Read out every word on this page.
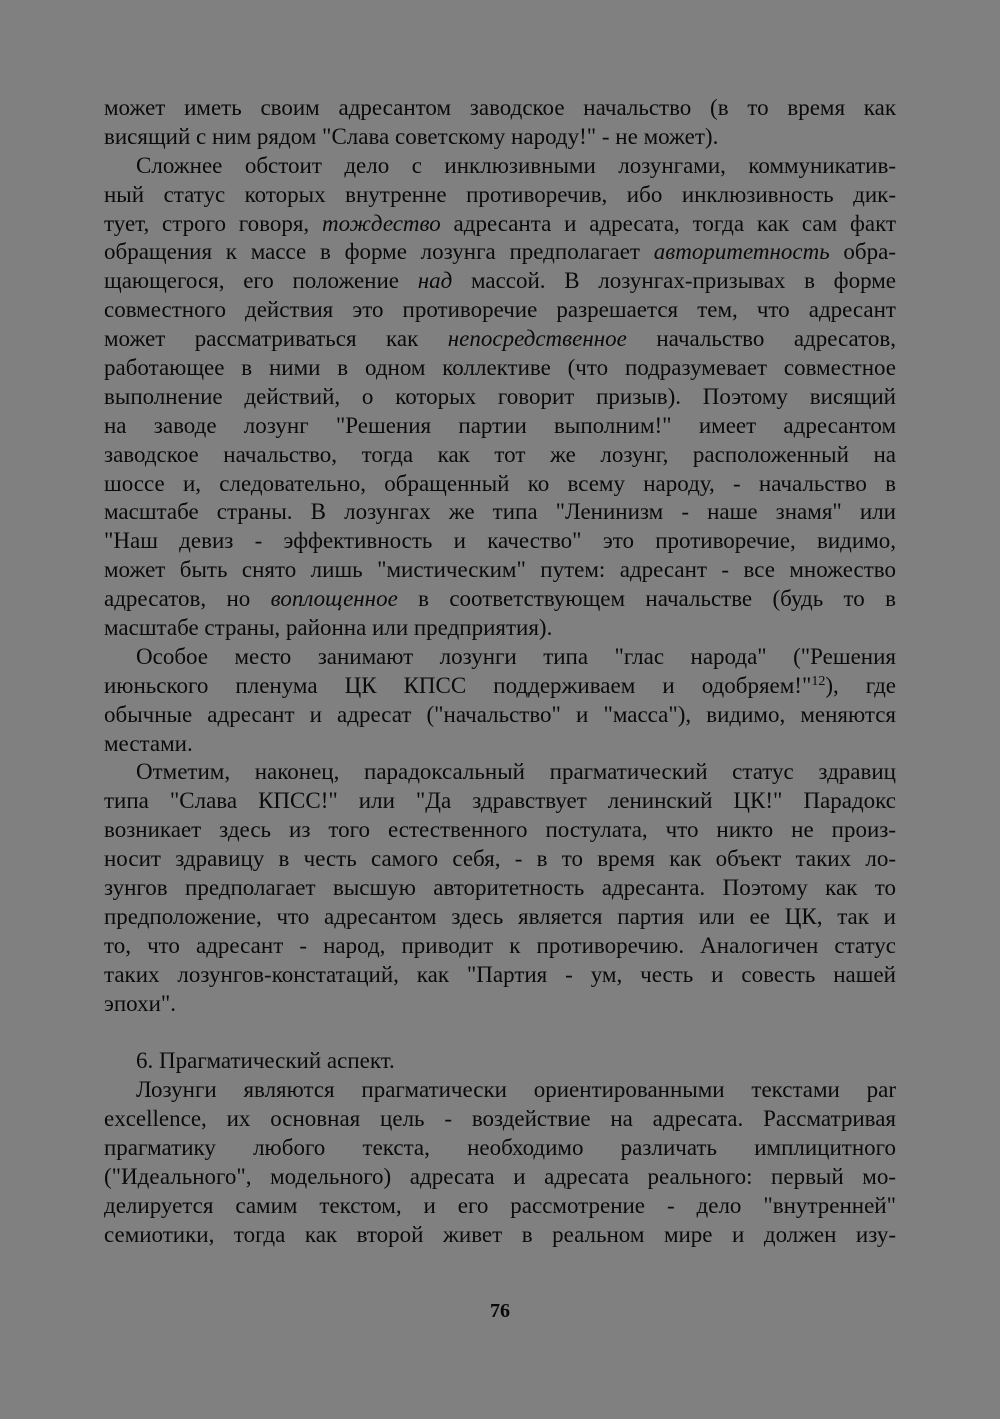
может иметь своим адресантом заводское начальство (в то время как
висящий с ним рядом "Слава советскому народу!" - не может).
Сложнее обстоит дело с инклюзивными лозунгами, коммуникатив-
ный статус которых внутренне противоречив, ибо инклюзивность дик-
тует, строго говоря, тождество адресанта и адресата, тогда как сам факт
обращения к массе в форме лозунга предполагает авторитетность обра-
щающегося, его положение над массой. В лозунгах-призывах в форме
совместного действия это противоречие разрешается тем, что адресант
может рассматриваться как непосредственное начальство адресатов,
работающее в ними в одном коллективе (что подразумевает совместное
выполнение действий, о которых говорит призыв). Поэтому висящий
на заводе лозунг "Решения партии выполним!" имеет адресантом
заводское начальство, тогда как тот же лозунг, расположенный на
шоссе и, следовательно, обращенный ко всему народу, - начальство в
масштабе страны. В лозунгах же типа "Ленинизм - наше знамя" или
"Наш девиз - эффективность и качество" это противоречие, видимо,
может быть снято лишь "мистическим" путем: адресант - все множество
адресатов, но воплощенное в соответствующем начальстве (будь то в
масштабе страны, районна или предприятия).
Особое место занимают лозунги типа "глас народа" ("Решения
июньского пленума ЦК КПСС поддерживаем и одобряем!"$^{12}$), где
обычные адресант и адресат ("начальство" и "масса"), видимо, меняются
местами.
Отметим, наконец, парадоксальный прагматический статус здравиц
типа "Слава КПСС!" или "Да здравствует ленинский ЦК!" Парадокс
возникает здесь из того естественного постулата, что никто не произ-
носит здравицу в честь самого себя, - в то время как объект таких ло-
зунгов предполагает высшую авторитетность адресанта. Поэтому как то
предположение, что адресантом здесь является партия или ее ЦК, так и
то, что адресант - народ, приводит к противоречию. Аналогичен статус
таких лозунгов-констатаций, как "Партия - ум, честь и совесть нашей
эпохи".
6. Прагматический аспект.
Лозунги являются прагматически ориентированными текстами par
excellence, их основная цель - воздействие на адресата. Рассматривая
прагматику любого текста, необходимо различать имплицитного
("Идеального", модельного) адресата и адресата реального: первый мо-
делируется самим текстом, и его рассмотрение - дело "внутренней"
семиотики, тогда как второй живет в реальном мире и должен изу-
76
